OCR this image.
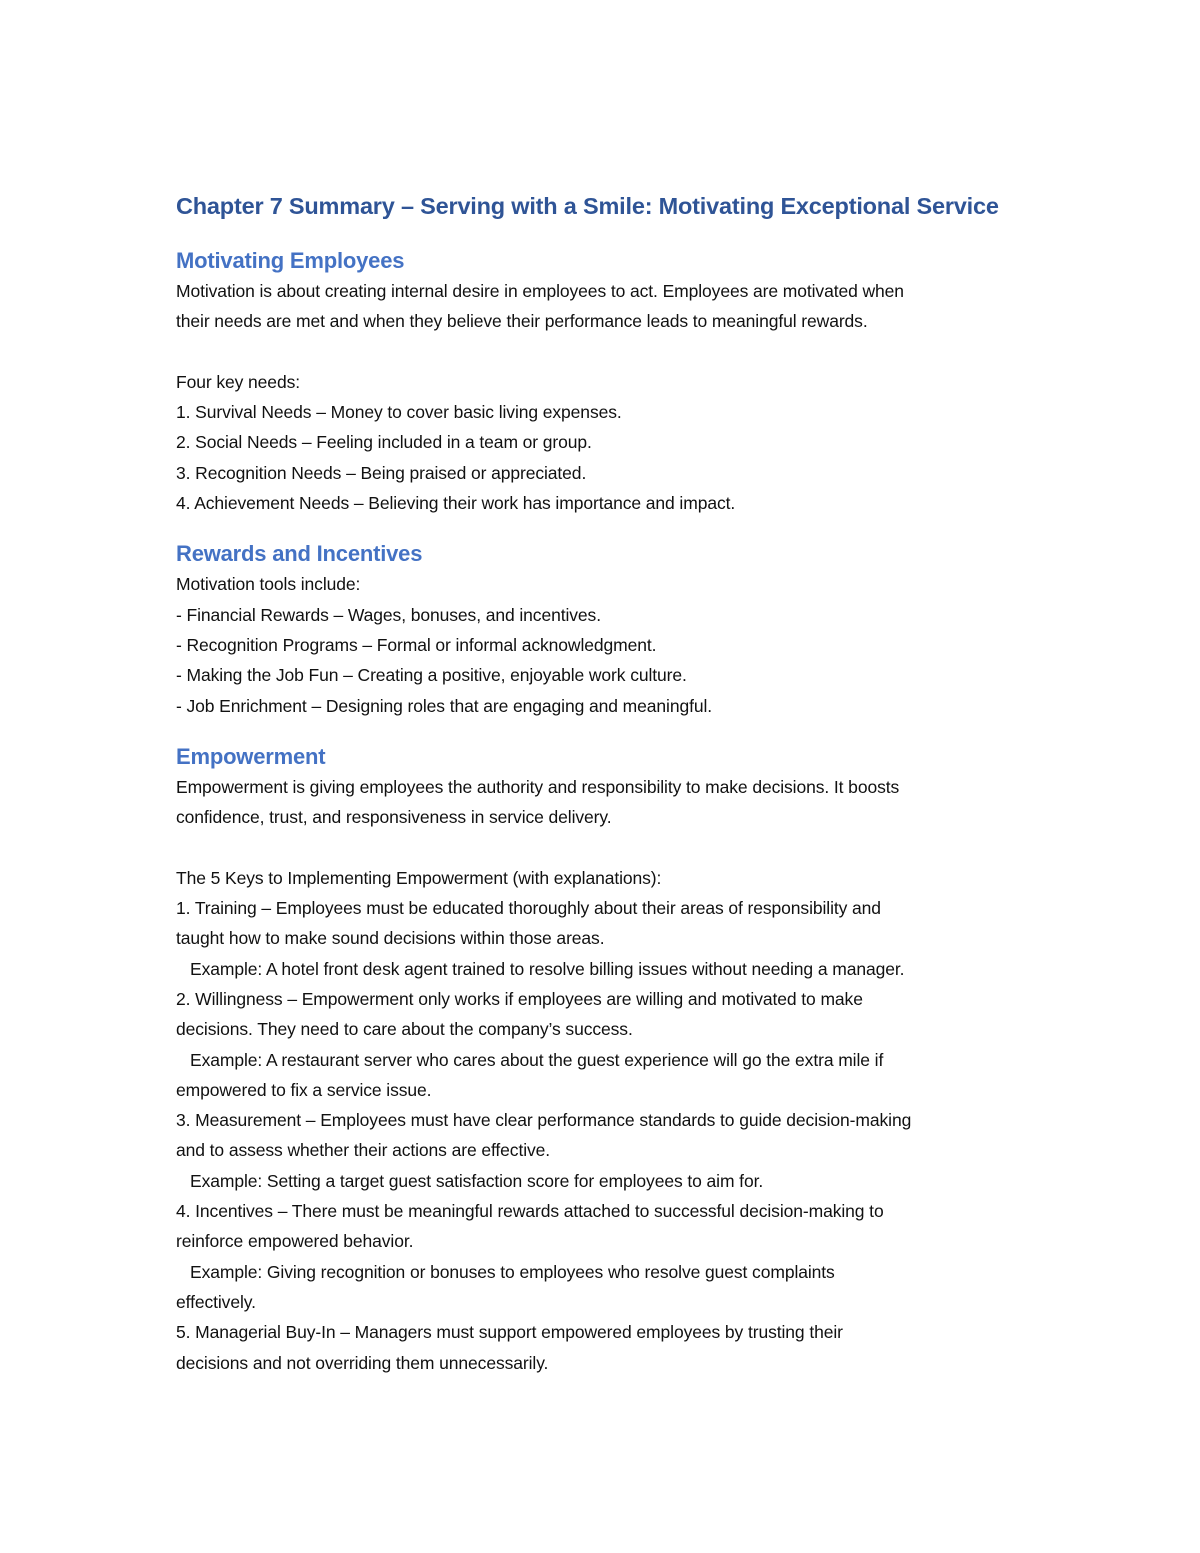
Chapter 7 Summary – Serving with a Smile: Motivating Exceptional Service
Motivating Employees

Motivation is about creating internal desire in employees to act. Employees are motivated when

their needs are met and when they believe their performance leads to meaningful rewards.

Four key needs:

1. Survival Needs – Money to cover basic living expenses.

2. Social Needs – Feeling included in a team or group.

3. Recognition Needs – Being praised or appreciated.

4. Achievement Needs – Believing their work has importance and impact.

Rewards and Incentives

Motivation tools include:

- Financial Rewards – Wages, bonuses, and incentives.

- Recognition Programs – Formal or informal acknowledgment.

- Making the Job Fun – Creating a positive, enjoyable work culture.

- Job Enrichment – Designing roles that are engaging and meaningful.

Empowerment

Empowerment is giving employees the authority and responsibility to make decisions. It boosts

confidence, trust, and responsiveness in service delivery.

The 5 Keys to Implementing Empowerment (with explanations):

1. Training – Employees must be educated thoroughly about their areas of responsibility and

taught how to make sound decisions within those areas.

Example: A hotel front desk agent trained to resolve billing issues without needing a manager.

2. Willingness – Empowerment only works if employees are willing and motivated to make

decisions. They need to care about the company’s success.

Example: A restaurant server who cares about the guest experience will go the extra mile if

empowered to fix a service issue.

3. Measurement – Employees must have clear performance standards to guide decision-making

and to assess whether their actions are effective.

Example: Setting a target guest satisfaction score for employees to aim for.

4. Incentives – There must be meaningful rewards attached to successful decision-making to

reinforce empowered behavior.

Example: Giving recognition or bonuses to employees who resolve guest complaints

effectively.

5. Managerial Buy-In – Managers must support empowered employees by trusting their

decisions and not overriding them unnecessarily.
